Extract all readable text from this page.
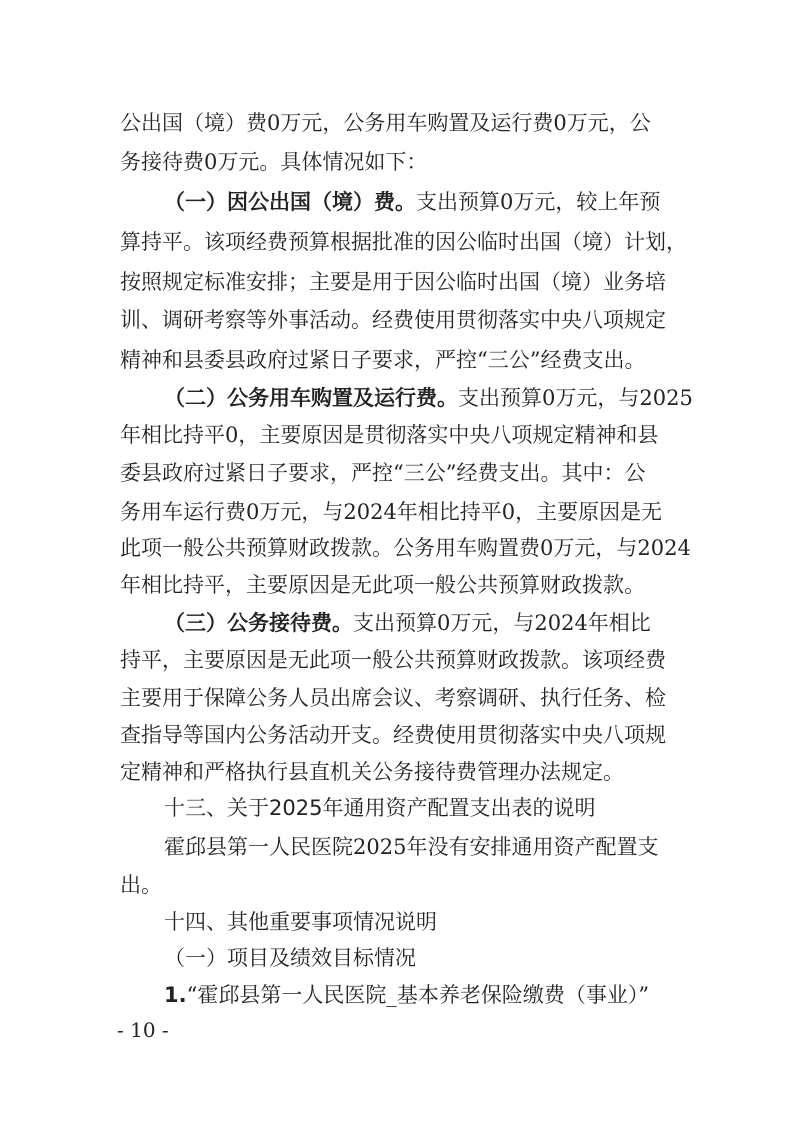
公出国（境）费0万元，公务用车购置及运行费0万元，公
务接待费0万元。具体情况如下：
（一）因公出国（境）费。支出预算0万元，较上年预
算持平。该项经费预算根据批准的因公临时出国（境）计划，
按照规定标准安排；主要是用于因公临时出国（境）业务培
训、调研考察等外事活动。经费使用贯彻落实中央八项规定
精神和县委县政府过紧日子要求，严控“三公”经费支出。
（二）公务用车购置及运行费。支出预算0万元，与2025
年相比持平0，主要原因是贯彻落实中央八项规定精神和县
委县政府过紧日子要求，严控“三公”经费支出。其中：公
务用车运行费0万元，与2024年相比持平0，主要原因是无
此项一般公共预算财政拨款。公务用车购置费0万元，与2024
年相比持平，主要原因是无此项一般公共预算财政拨款。
（三）公务接待费。支出预算0万元，与2024年相比
持平，主要原因是无此项一般公共预算财政拨款。该项经费
主要用于保障公务人员出席会议、考察调研、执行任务、检
查指导等国内公务活动开支。经费使用贯彻落实中央八项规
定精神和严格执行县直机关公务接待费管理办法规定。
十三、关于2025年通用资产配置支出表的说明
霍邱县第一人民医院2025年没有安排通用资产配置支
出。
十四、其他重要事项情况说明
（一）项目及绩效目标情况
1.“霍邱县第一人民医院_基本养老保险缴费（事业）”
- 10 -
